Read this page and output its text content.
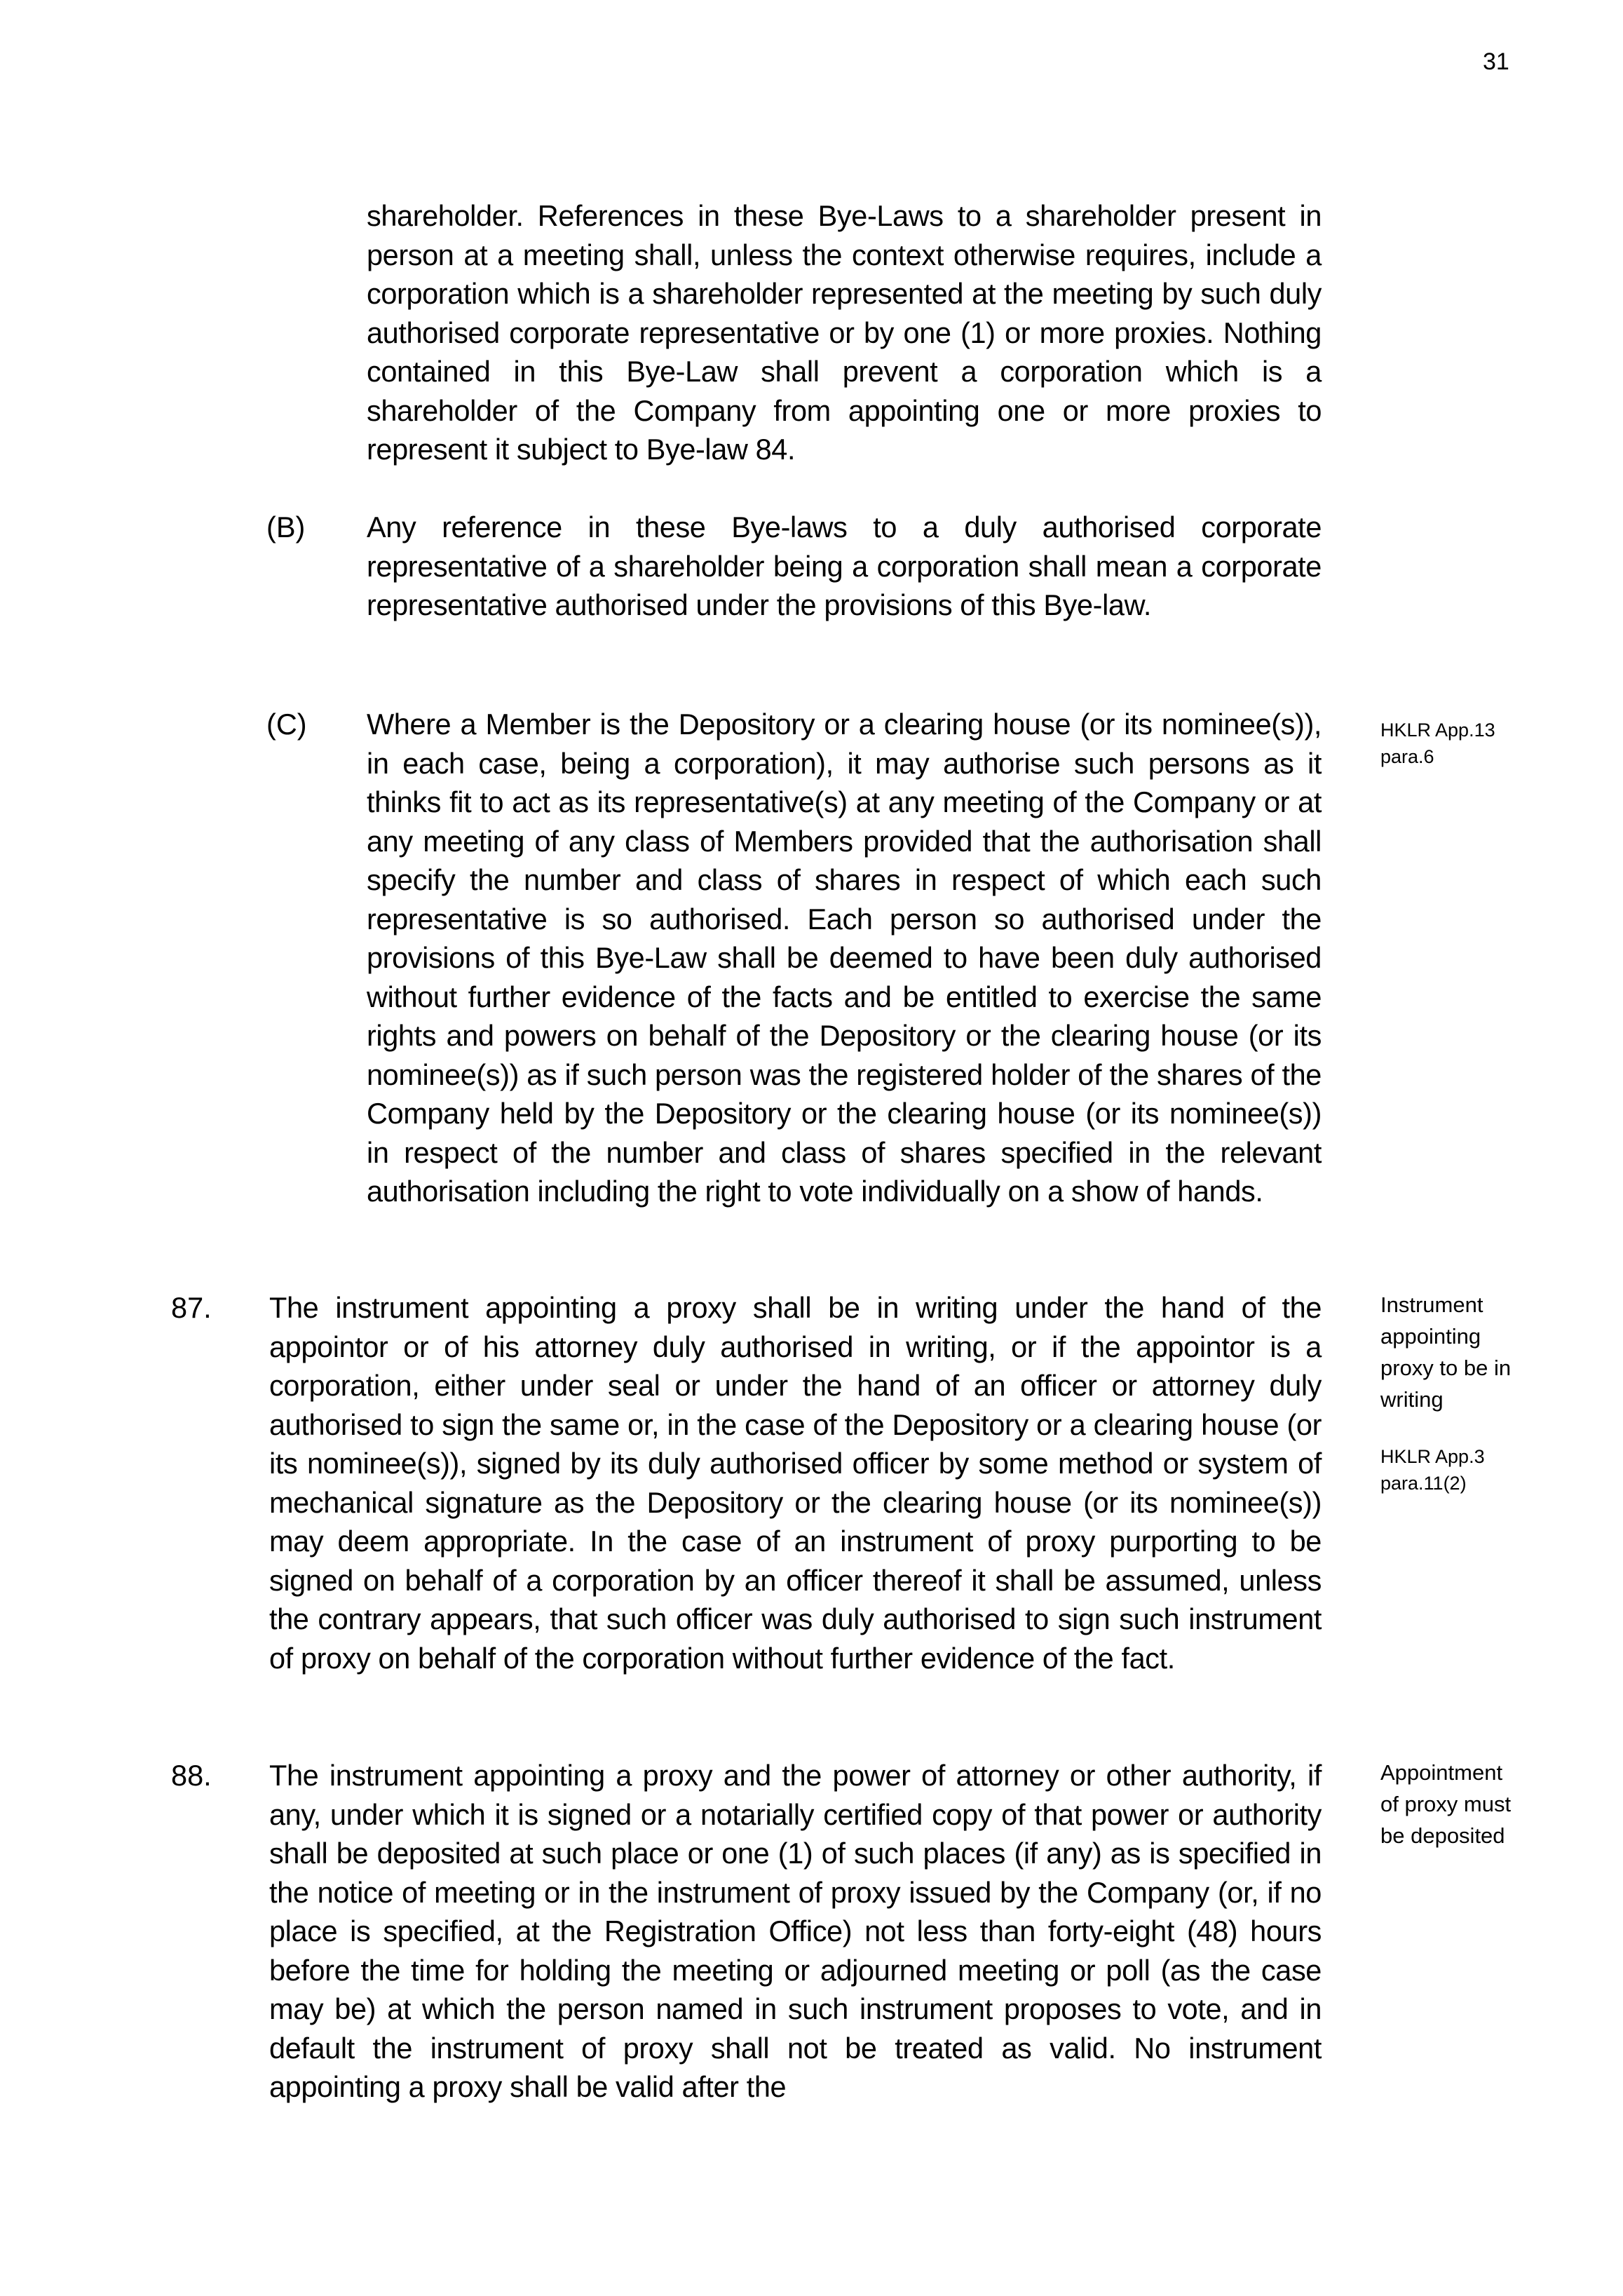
31
shareholder. References in these Bye-Laws to a shareholder present in person at a meeting shall, unless the context otherwise requires, include a corporation which is a shareholder represented at the meeting by such duly authorised corporate representative or by one (1) or more proxies. Nothing contained in this Bye-Law shall prevent a corporation which is a shareholder of the Company from appointing one or more proxies to represent it subject to Bye-law 84.
(B) Any reference in these Bye-laws to a duly authorised corporate representative of a shareholder being a corporation shall mean a corporate representative authorised under the provisions of this Bye-law.
(C) Where a Member is the Depository or a clearing house (or its nominee(s)), in each case, being a corporation), it may authorise such persons as it thinks fit to act as its representative(s) at any meeting of the Company or at any meeting of any class of Members provided that the authorisation shall specify the number and class of shares in respect of which each such representative is so authorised. Each person so authorised under the provisions of this Bye-Law shall be deemed to have been duly authorised without further evidence of the facts and be entitled to exercise the same rights and powers on behalf of the Depository or the clearing house (or its nominee(s)) as if such person was the registered holder of the shares of the Company held by the Depository or the clearing house (or its nominee(s)) in respect of the number and class of shares specified in the relevant authorisation including the right to vote individually on a show of hands.
HKLR App.13 para.6
87. The instrument appointing a proxy shall be in writing under the hand of the appointor or of his attorney duly authorised in writing, or if the appointor is a corporation, either under seal or under the hand of an officer or attorney duly authorised to sign the same or, in the case of the Depository or a clearing house (or its nominee(s)), signed by its duly authorised officer by some method or system of mechanical signature as the Depository or the clearing house (or its nominee(s)) may deem appropriate. In the case of an instrument of proxy purporting to be signed on behalf of a corporation by an officer thereof it shall be assumed, unless the contrary appears, that such officer was duly authorised to sign such instrument of proxy on behalf of the corporation without further evidence of the fact.
Instrument appointing proxy to be in writing
HKLR App.3 para.11(2)
88. The instrument appointing a proxy and the power of attorney or other authority, if any, under which it is signed or a notarially certified copy of that power or authority shall be deposited at such place or one (1) of such places (if any) as is specified in the notice of meeting or in the instrument of proxy issued by the Company (or, if no place is specified, at the Registration Office) not less than forty-eight (48) hours before the time for holding the meeting or adjourned meeting or poll (as the case may be) at which the person named in such instrument proposes to vote, and in default the instrument of proxy shall not be treated as valid. No instrument appointing a proxy shall be valid after the
Appointment of proxy must be deposited
